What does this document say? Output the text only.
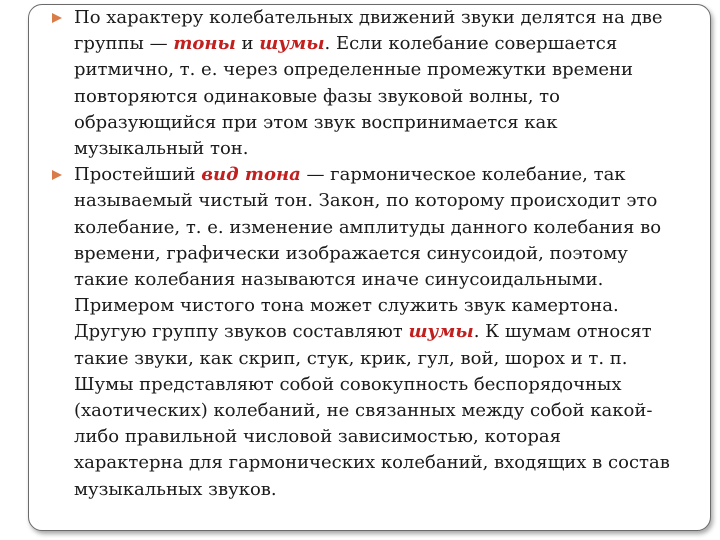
По характеру колебательных движений звуки делятся на две группы — тоны и шумы. Если колебание совершается ритмично, т. е. через определенные промежутки времени повторяются одинаковые фазы звуковой волны, то образующийся при этом звук воспринимается как музыкальный тон.

Простейший вид тона — гармоническое колебание, так называемый чистый тон. Закон, по которому происходит это колебание, т. е. изменение амплитуды данного колебания во времени, графически изображается синусоидой, поэтому такие колебания называются иначе синусоидальными. Примером чистого тона может служить звук камертона. Другую группу звуков составляют шумы. К шумам относят такие звуки, как скрип, стук, крик, гул, вой, шорох и т. п. Шумы представляют собой совокупность беспорядочных (хаотических) колебаний, не связанных между собой какой-либо правильной числовой зависимостью, которая характерна для гармонических колебаний, входящих в состав музыкальных звуков.
